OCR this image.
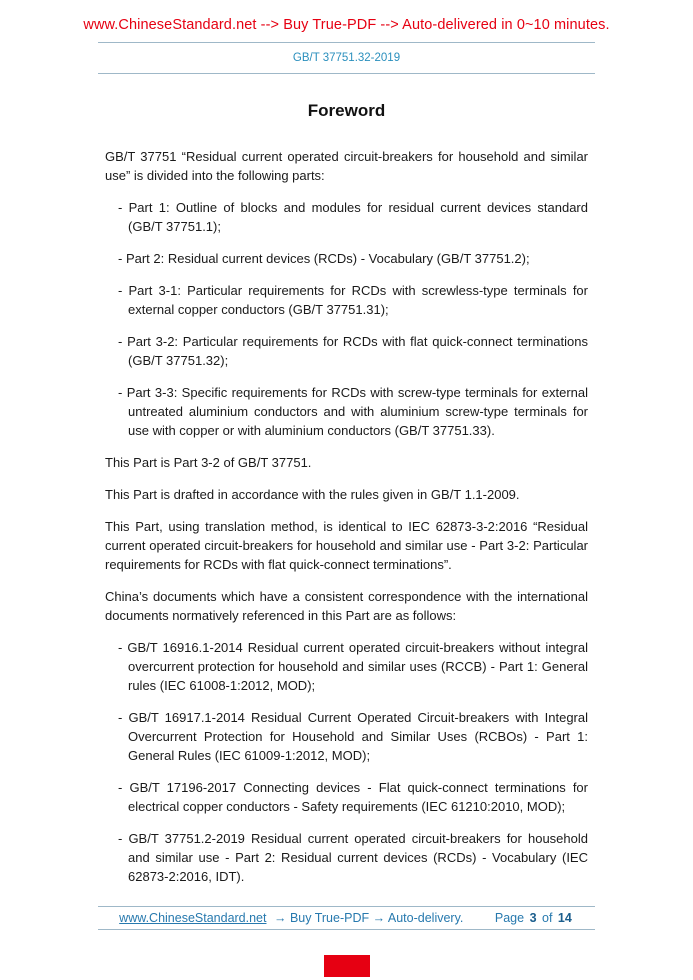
www.ChineseStandard.net --> Buy True-PDF --> Auto-delivered in 0~10 minutes.
GB/T 37751.32-2019
Foreword

GB/T 37751 “Residual current operated circuit-breakers for household and similar use” is divided into the following parts:

- Part 1: Outline of blocks and modules for residual current devices standard (GB/T 37751.1);

- Part 2: Residual current devices (RCDs) - Vocabulary (GB/T 37751.2);

- Part 3-1: Particular requirements for RCDs with screwless-type terminals for external copper conductors (GB/T 37751.31);

- Part 3-2: Particular requirements for RCDs with flat quick-connect terminations (GB/T 37751.32);

- Part 3-3: Specific requirements for RCDs with screw-type terminals for external untreated aluminium conductors and with aluminium screw-type terminals for use with copper or with aluminium conductors (GB/T 37751.33).

This Part is Part 3-2 of GB/T 37751.

This Part is drafted in accordance with the rules given in GB/T 1.1-2009.

This Part, using translation method, is identical to IEC 62873-3-2:2016 “Residual current operated circuit-breakers for household and similar use - Part 3-2: Particular requirements for RCDs with flat quick-connect terminations”.

China’s documents which have a consistent correspondence with the international documents normatively referenced in this Part are as follows:

- GB/T 16916.1-2014 Residual current operated circuit-breakers without integral overcurrent protection for household and similar uses (RCCB) - Part 1: General rules (IEC 61008-1:2012, MOD);

- GB/T 16917.1-2014 Residual Current Operated Circuit-breakers with Integral Overcurrent Protection for Household and Similar Uses (RCBOs) - Part 1: General Rules (IEC 61009-1:2012, MOD);

- GB/T 17196-2017 Connecting devices - Flat quick-connect terminations for electrical copper conductors - Safety requirements (IEC 61210:2010, MOD);

- GB/T 37751.2-2019 Residual current operated circuit-breakers for household and similar use - Part 2: Residual current devices (RCDs) - Vocabulary (IEC 62873-2:2016, IDT).

www.ChineseStandard.net → Buy True-PDF → Auto-delivery.	Page 3 of 14
